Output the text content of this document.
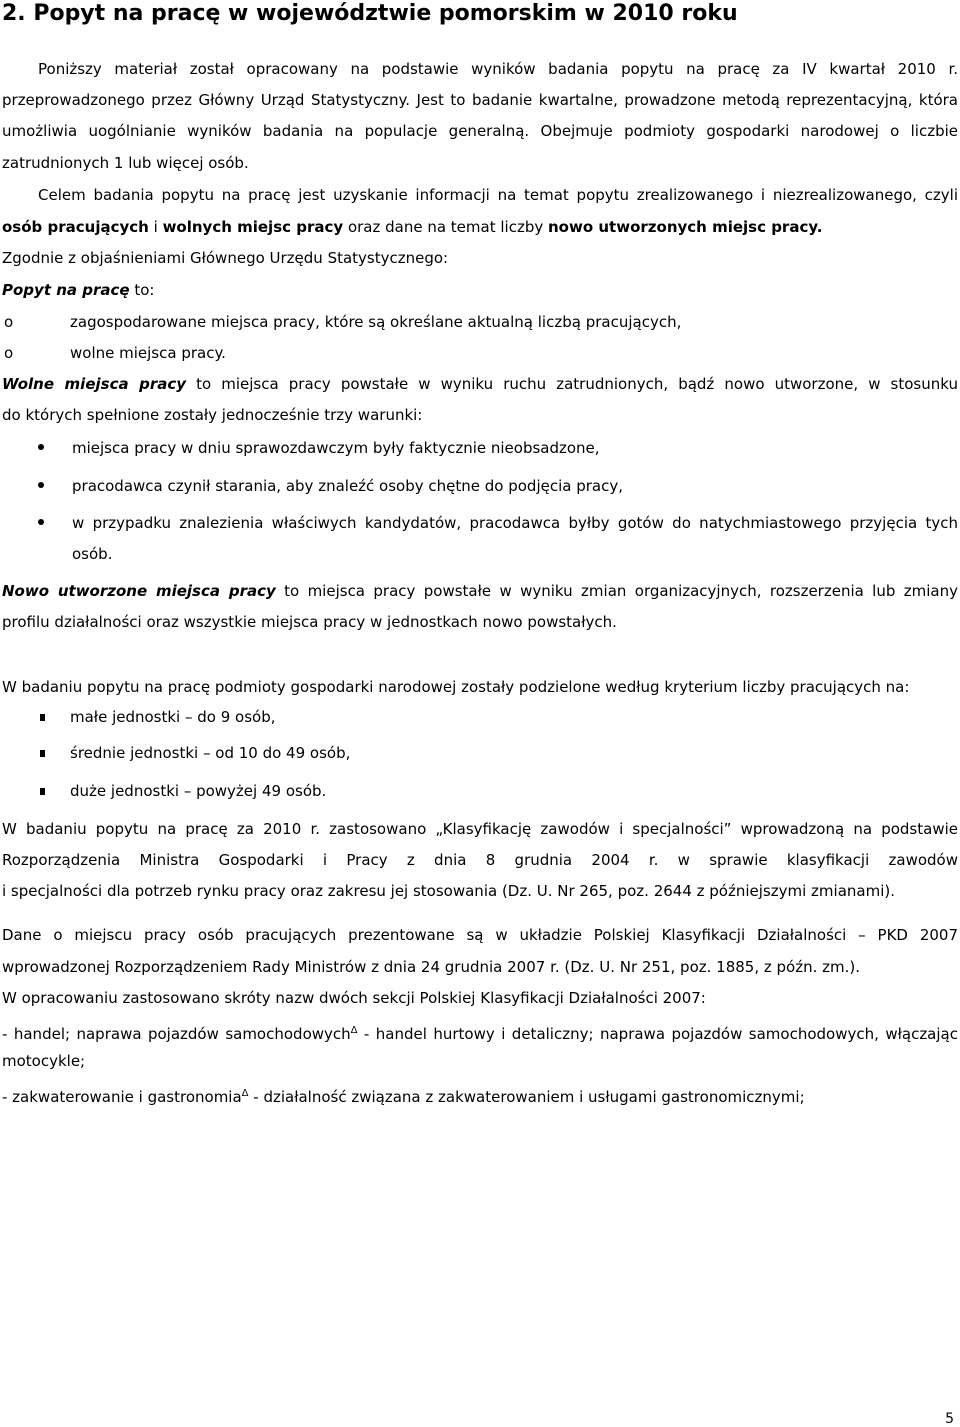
2. Popyt na pracę w województwie pomorskim w 2010 roku
Poniższy materiał został opracowany na podstawie wyników badania popytu na pracę za IV kwartał 2010 r.
przeprowadzonego przez Główny Urząd Statystyczny. Jest to badanie kwartalne, prowadzone metodą reprezentacyjną, która
umożliwia uogólnianie wyników badania na populacje generalną. Obejmuje podmioty gospodarki narodowej o liczbie
zatrudnionych 1 lub więcej osób.
Celem badania popytu na pracę jest uzyskanie informacji na temat popytu zrealizowanego i niezrealizowanego, czyli
osób pracujących i wolnych miejsc pracy oraz dane na temat liczby nowo utworzonych miejsc pracy.
Zgodnie z objaśnieniami Głównego Urzędu Statystycznego:
Popyt na pracę to:
o	zagospodarowane miejsca pracy, które są określane aktualną liczbą pracujących,
o	wolne miejsca pracy.
Wolne miejsca pracy to miejsca pracy powstałe w wyniku ruchu zatrudnionych, bądź nowo utworzone, w stosunku
do których spełnione zostały jednocześnie trzy warunki:
miejsca pracy w dniu sprawozdawczym były faktycznie nieobsadzone,
pracodawca czynił starania, aby znaleźć osoby chętne do podjęcia pracy,
w przypadku znalezienia właściwych kandydatów, pracodawca byłby gotów do natychmiastowego przyjęcia tych
osób.
Nowo utworzone miejsca pracy to miejsca pracy powstałe w wyniku zmian organizacyjnych, rozszerzenia lub zmiany
profilu działalności oraz wszystkie miejsca pracy w jednostkach nowo powstałych.
W badaniu popytu na pracę podmioty gospodarki narodowej zostały podzielone według kryterium liczby pracujących na:
małe jednostki – do 9 osób,
średnie jednostki – od 10 do 49 osób,
duże jednostki – powyżej 49 osób.
W badaniu popytu na pracę za 2010 r. zastosowano „Klasyfikację zawodów i specjalności” wprowadzoną na podstawie
Rozporządzenia Ministra Gospodarki i Pracy z dnia 8 grudnia 2004 r. w sprawie klasyfikacji zawodów
i specjalności dla potrzeb rynku pracy oraz zakresu jej stosowania (Dz. U. Nr 265, poz. 2644 z późniejszymi zmianami).
Dane o miejscu pracy osób pracujących prezentowane są w układzie Polskiej Klasyfikacji Działalności – PKD 2007
wprowadzonej Rozporządzeniem Rady Ministrów z dnia 24 grudnia 2007 r. (Dz. U. Nr 251, poz. 1885, z późn. zm.).
W opracowaniu zastosowano skróty nazw dwóch sekcji Polskiej Klasyfikacji Działalności 2007:
- handel; naprawa pojazdów samochodowych$^\Delta$ - handel hurtowy i detaliczny; naprawa pojazdów samochodowych, włączając
motocykle;
- zakwaterowanie i gastronomia$^\Delta$ - działalność związana z zakwaterowaniem i usługami gastronomicznymi;
5
